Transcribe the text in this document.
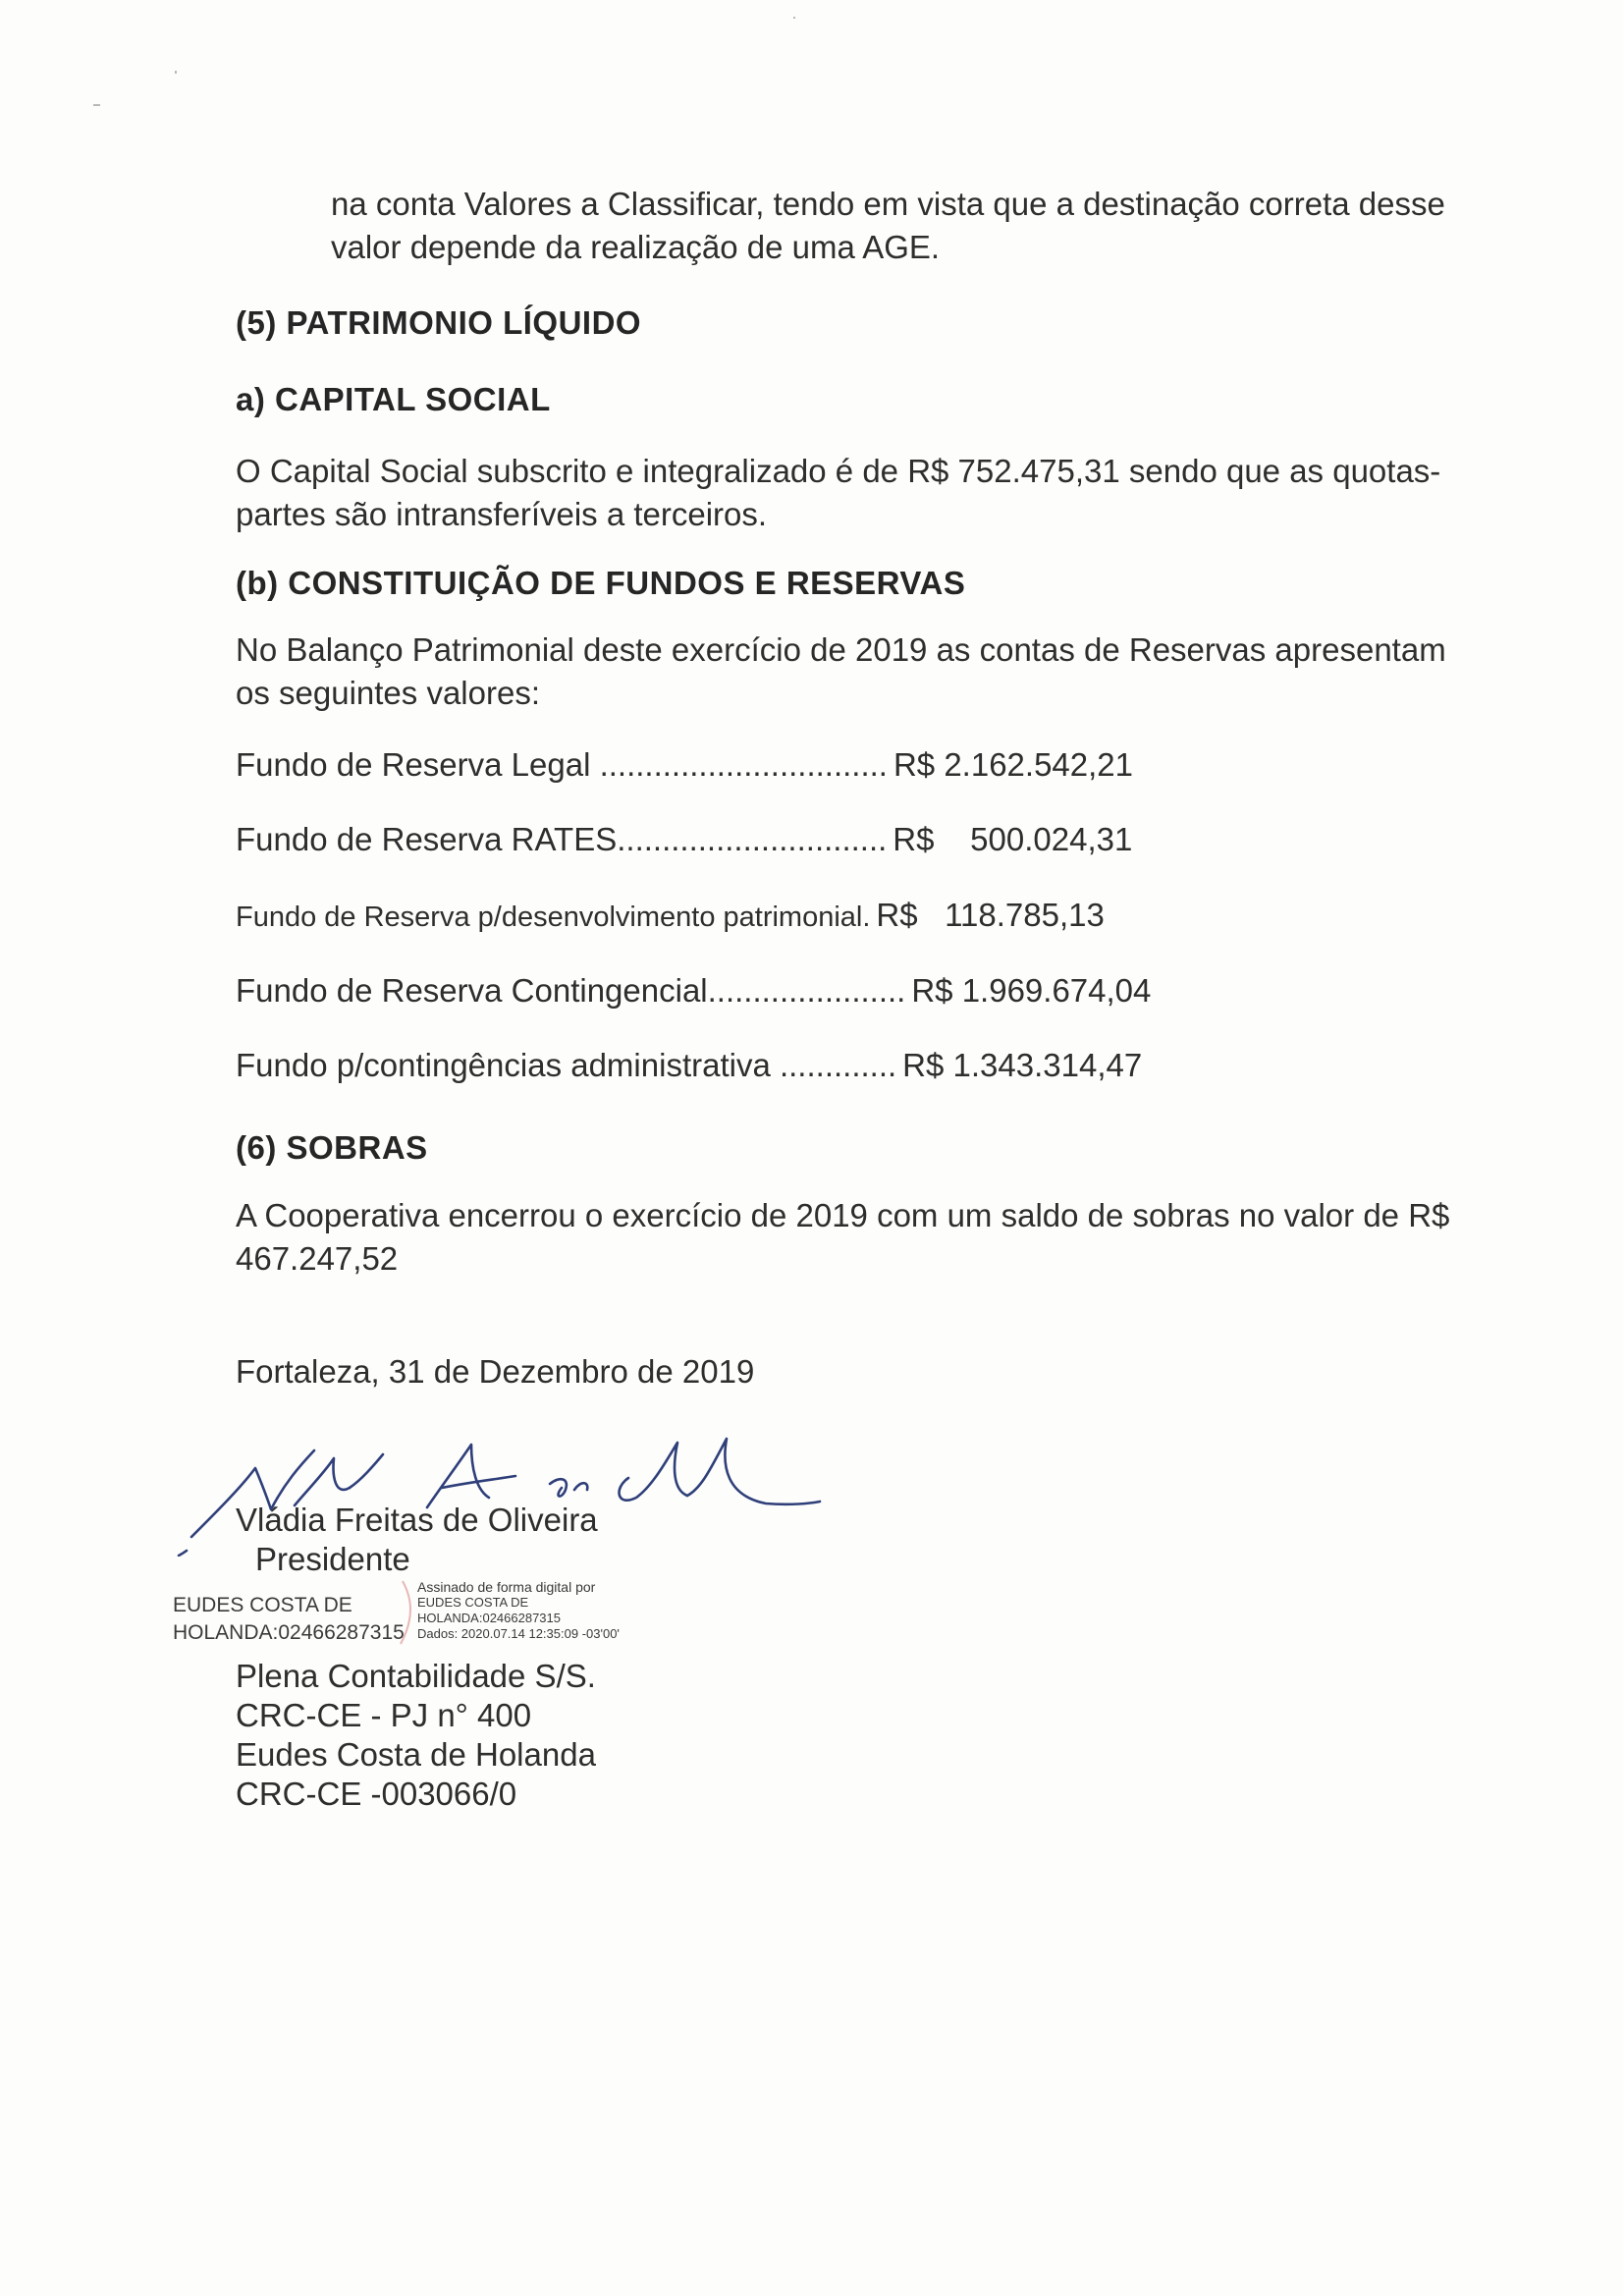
na conta Valores a Classificar, tendo em vista que a destinação correta desse
valor depende da realização de uma AGE.
(5) PATRIMONIO LÍQUIDO
a) CAPITAL SOCIAL
O Capital Social subscrito e integralizado é de R$ 752.475,31 sendo que as quotas-
partes são intransferíveis a terceiros.
(b) CONSTITUIÇÃO DE FUNDOS E RESERVAS
No Balanço Patrimonial deste exercício de 2019 as contas de Reservas apresentam
os seguintes valores:
Fundo de Reserva Legal ................................ R$ 2.162.542,21
Fundo de Reserva RATES.............................. R$    500.024,31
Fundo de Reserva p/desenvolvimento patrimonial. R$   118.785,13
Fundo de Reserva Contingencial...................... R$ 1.969.674,04
Fundo p/contingências administrativa ............. R$ 1.343.314,47
(6) SOBRAS
A Cooperativa encerrou o exercício de 2019 com um saldo de sobras no valor de R$
467.247,52
Fortaleza, 31 de Dezembro de 2019
Vládia Freitas de Oliveira
Presidente
EUDES COSTA DE
HOLANDA:02466287315
Assinado de forma digital por
EUDES COSTA DE
HOLANDA:02466287315
Dados: 2020.07.14 12:35:09 -03'00'
Plena Contabilidade S/S.
CRC-CE - PJ n° 400
Eudes Costa de Holanda
CRC-CE -003066/0
